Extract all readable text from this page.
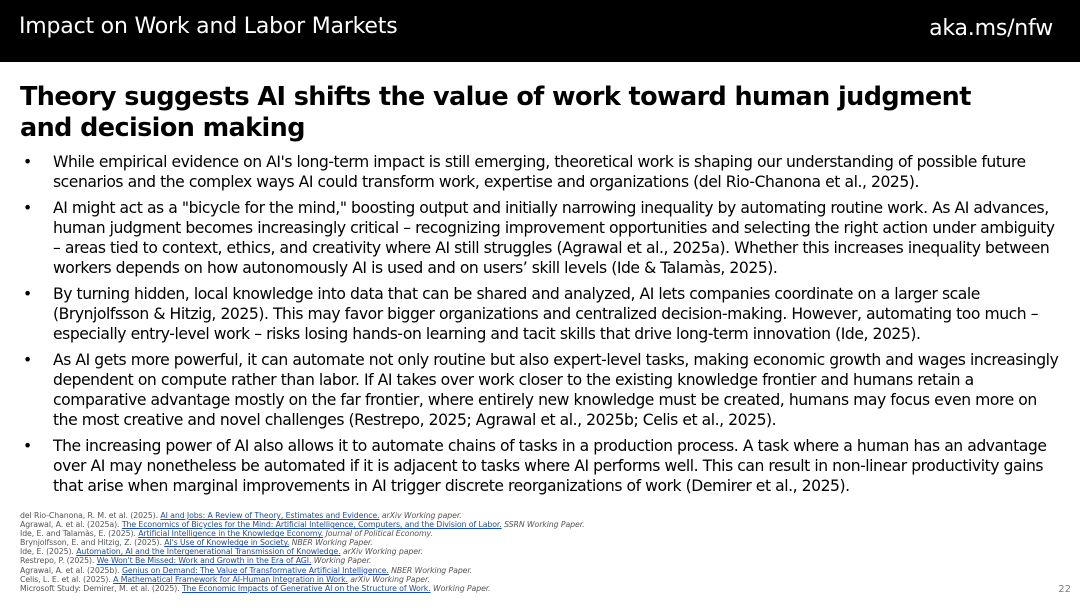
Impact on Work and Labor Markets	aka.ms/nfw
Theory suggests AI shifts the value of work toward human judgment and decision making
• While empirical evidence on AI's long-term impact is still emerging, theoretical work is shaping our understanding of possible future scenarios and the complex ways AI could transform work, expertise and organizations (del Rio-Chanona et al., 2025).
• AI might act as a "bicycle for the mind," boosting output and initially narrowing inequality by automating routine work. As AI advances, human judgment becomes increasingly critical – recognizing improvement opportunities and selecting the right action under ambiguity – areas tied to context, ethics, and creativity where AI still struggles (Agrawal et al., 2025a). Whether this increases inequality between workers depends on how autonomously AI is used and on users’ skill levels (Ide & Talamàs, 2025).
• By turning hidden, local knowledge into data that can be shared and analyzed, AI lets companies coordinate on a larger scale (Brynjolfsson & Hitzig, 2025). This may favor bigger organizations and centralized decision-making. However, automating too much – especially entry-level work – risks losing hands-on learning and tacit skills that drive long-term innovation (Ide, 2025).
• As AI gets more powerful, it can automate not only routine but also expert-level tasks, making economic growth and wages increasingly dependent on compute rather than labor. If AI takes over work closer to the existing knowledge frontier and humans retain a comparative advantage mostly on the far frontier, where entirely new knowledge must be created, humans may focus even more on the most creative and novel challenges (Restrepo, 2025; Agrawal et al., 2025b; Celis et al., 2025).
• The increasing power of AI also allows it to automate chains of tasks in a production process. A task where a human has an advantage over AI may nonetheless be automated if it is adjacent to tasks where AI performs well. This can result in non-linear productivity gains that arise when marginal improvements in AI trigger discrete reorganizations of work (Demirer et al., 2025).
del Rio-Chanona, R. M. et al. (2025). AI and Jobs: A Review of Theory, Estimates and Evidence. arXiv Working paper.
Agrawal, A. et al. (2025a). The Economics of Bicycles for the Mind: Artificial Intelligence, Computers, and the Division of Labor. SSRN Working Paper.
Ide, E. and Talamàs, E. (2025). Artificial Intelligence in the Knowledge Economy. Journal of Political Economy.
Brynjolfsson, E. and Hitzig, Z. (2025). AI's Use of Knowledge in Society. NBER Working Paper.
Ide, E. (2025). Automation, AI and the Intergenerational Transmission of Knowledge. arXiv Working paper.
Restrepo, P. (2025). We Won't Be Missed: Work and Growth in the Era of AGI. Working Paper.
Agrawal, A. et al. (2025b). Genius on Demand: The Value of Transformative Artificial Intelligence. NBER Working Paper.
Celis, L. E. et al. (2025). A Mathematical Framework for AI-Human Integration in Work. arXiv Working Paper.
Microsoft Study: Demirer, M. et al. (2025). The Economic Impacts of Generative AI on the Structure of Work. Working Paper.	22
